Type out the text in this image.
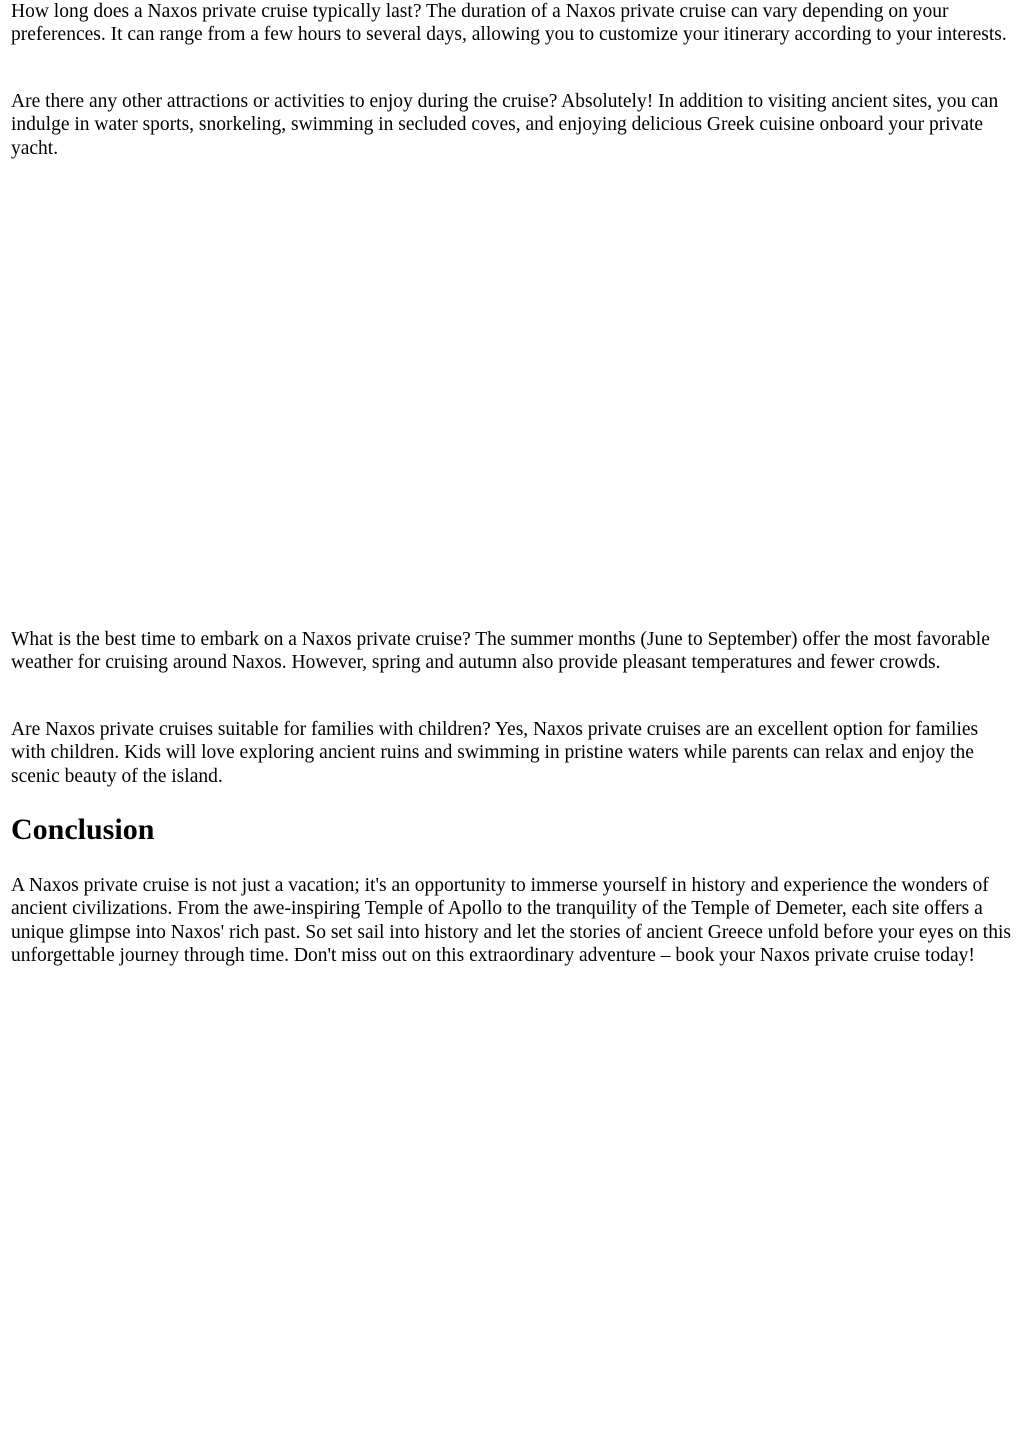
How long does a Naxos private cruise typically last? The duration of a Naxos private cruise can vary depending on your preferences. It can range from a few hours to several days, allowing you to customize your itinerary according to your interests.

Are there any other attractions or activities to enjoy during the cruise? Absolutely! In addition to visiting ancient sites, you can indulge in water sports, snorkeling, swimming in secluded coves, and enjoying delicious Greek cuisine onboard your private yacht.

What is the best time to embark on a Naxos private cruise? The summer months (June to September) offer the most favorable weather for cruising around Naxos. However, spring and autumn also provide pleasant temperatures and fewer crowds.

Are Naxos private cruises suitable for families with children? Yes, Naxos private cruises are an excellent option for families with children. Kids will love exploring ancient ruins and swimming in pristine waters while parents can relax and enjoy the scenic beauty of the island.

Conclusion

A Naxos private cruise is not just a vacation; it's an opportunity to immerse yourself in history and experience the wonders of ancient civilizations. From the awe-inspiring Temple of Apollo to the tranquility of the Temple of Demeter, each site offers a unique glimpse into Naxos' rich past. So set sail into history and let the stories of ancient Greece unfold before your eyes on this unforgettable journey through time. Don't miss out on this extraordinary adventure – book your Naxos private cruise today!
